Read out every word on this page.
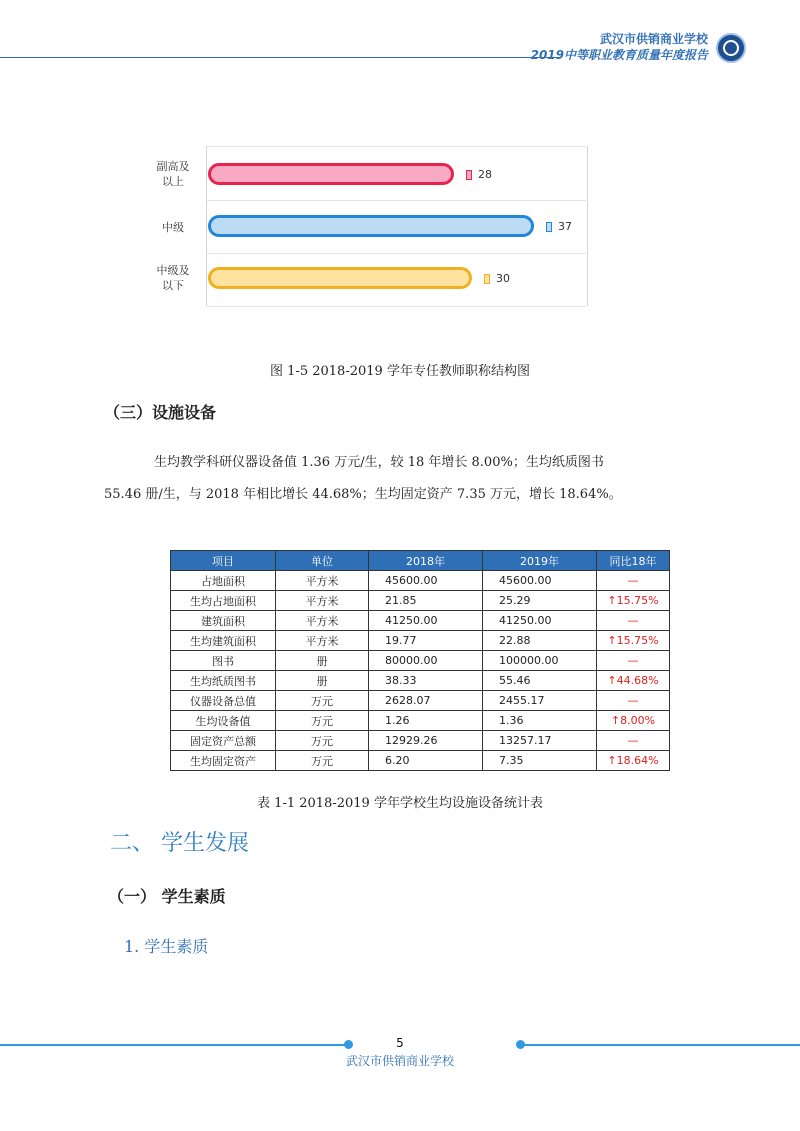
武汉市供销商业学校
2019中等职业教育质量年度报告
副高及
以上
中级
中级及
以下
28
37
30
图 1-5 2018-2019 学年专任教师职称结构图
（三）设施设备
生均教学科研仪器设备值 1.36 万元/生，较 18 年增长 8.00%；生均纸质图书
55.46 册/生，与 2018 年相比增长 44.68%；生均固定资产 7.35 万元，增长 18.64%。
项目	单位	2018年	2019年	同比18年
占地面积	平方米	45600.00	45600.00	—
生均占地面积	平方米	21.85	25.29	↑15.75%
建筑面积	平方米	41250.00	41250.00	—
生均建筑面积	平方米	19.77	22.88	↑15.75%
图书	册	80000.00	100000.00	—
生均纸质图书	册	38.33	55.46	↑44.68%
仪器设备总值	万元	2628.07	2455.17	—
生均设备值	万元	1.26	1.36	↑8.00%
固定资产总额	万元	12929.26	13257.17	—
生均固定资产	万元	6.20	7.35	↑18.64%
表 1-1 2018-2019 学年学校生均设施设备统计表
二、 学生发展
（一） 学生素质
1. 学生素质
5
武汉市供销商业学校
